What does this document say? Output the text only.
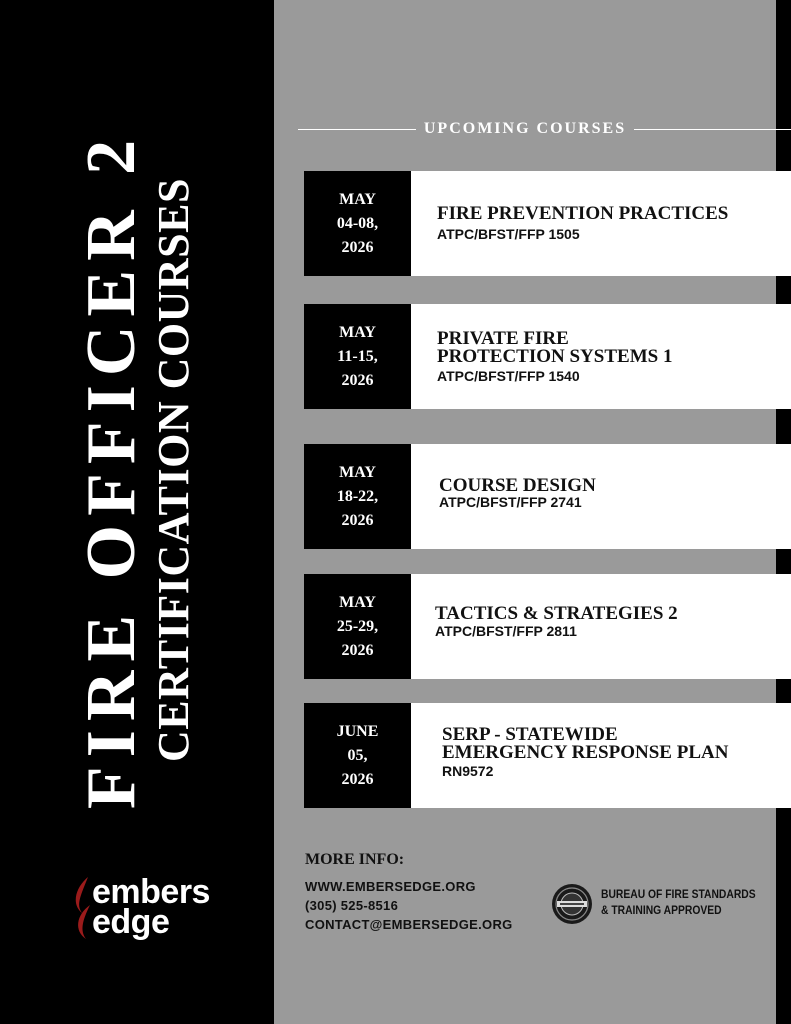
FIRE OFFICER 2 CERTIFICATION COURSES
embers
edge
UPCOMING COURSES
MAY
04-08,
2026
FIRE PREVENTION PRACTICES
ATPC/BFST/FFP 1505
MAY
11-15,
2026
PRIVATE FIRE
PROTECTION SYSTEMS 1
ATPC/BFST/FFP 1540
MAY
18-22,
2026
COURSE DESIGN
ATPC/BFST/FFP 2741
MAY
25-29,
2026
TACTICS & STRATEGIES 2
ATPC/BFST/FFP 2811
JUNE
05,
2026
SERP - STATEWIDE
EMERGENCY RESPONSE PLAN
RN9572
MORE INFO:
WWW.EMBERSEDGE.ORG
(305) 525-8516
CONTACT@EMBERSEDGE.ORG
BUREAU OF FIRE STANDARDS
& TRAINING APPROVED
